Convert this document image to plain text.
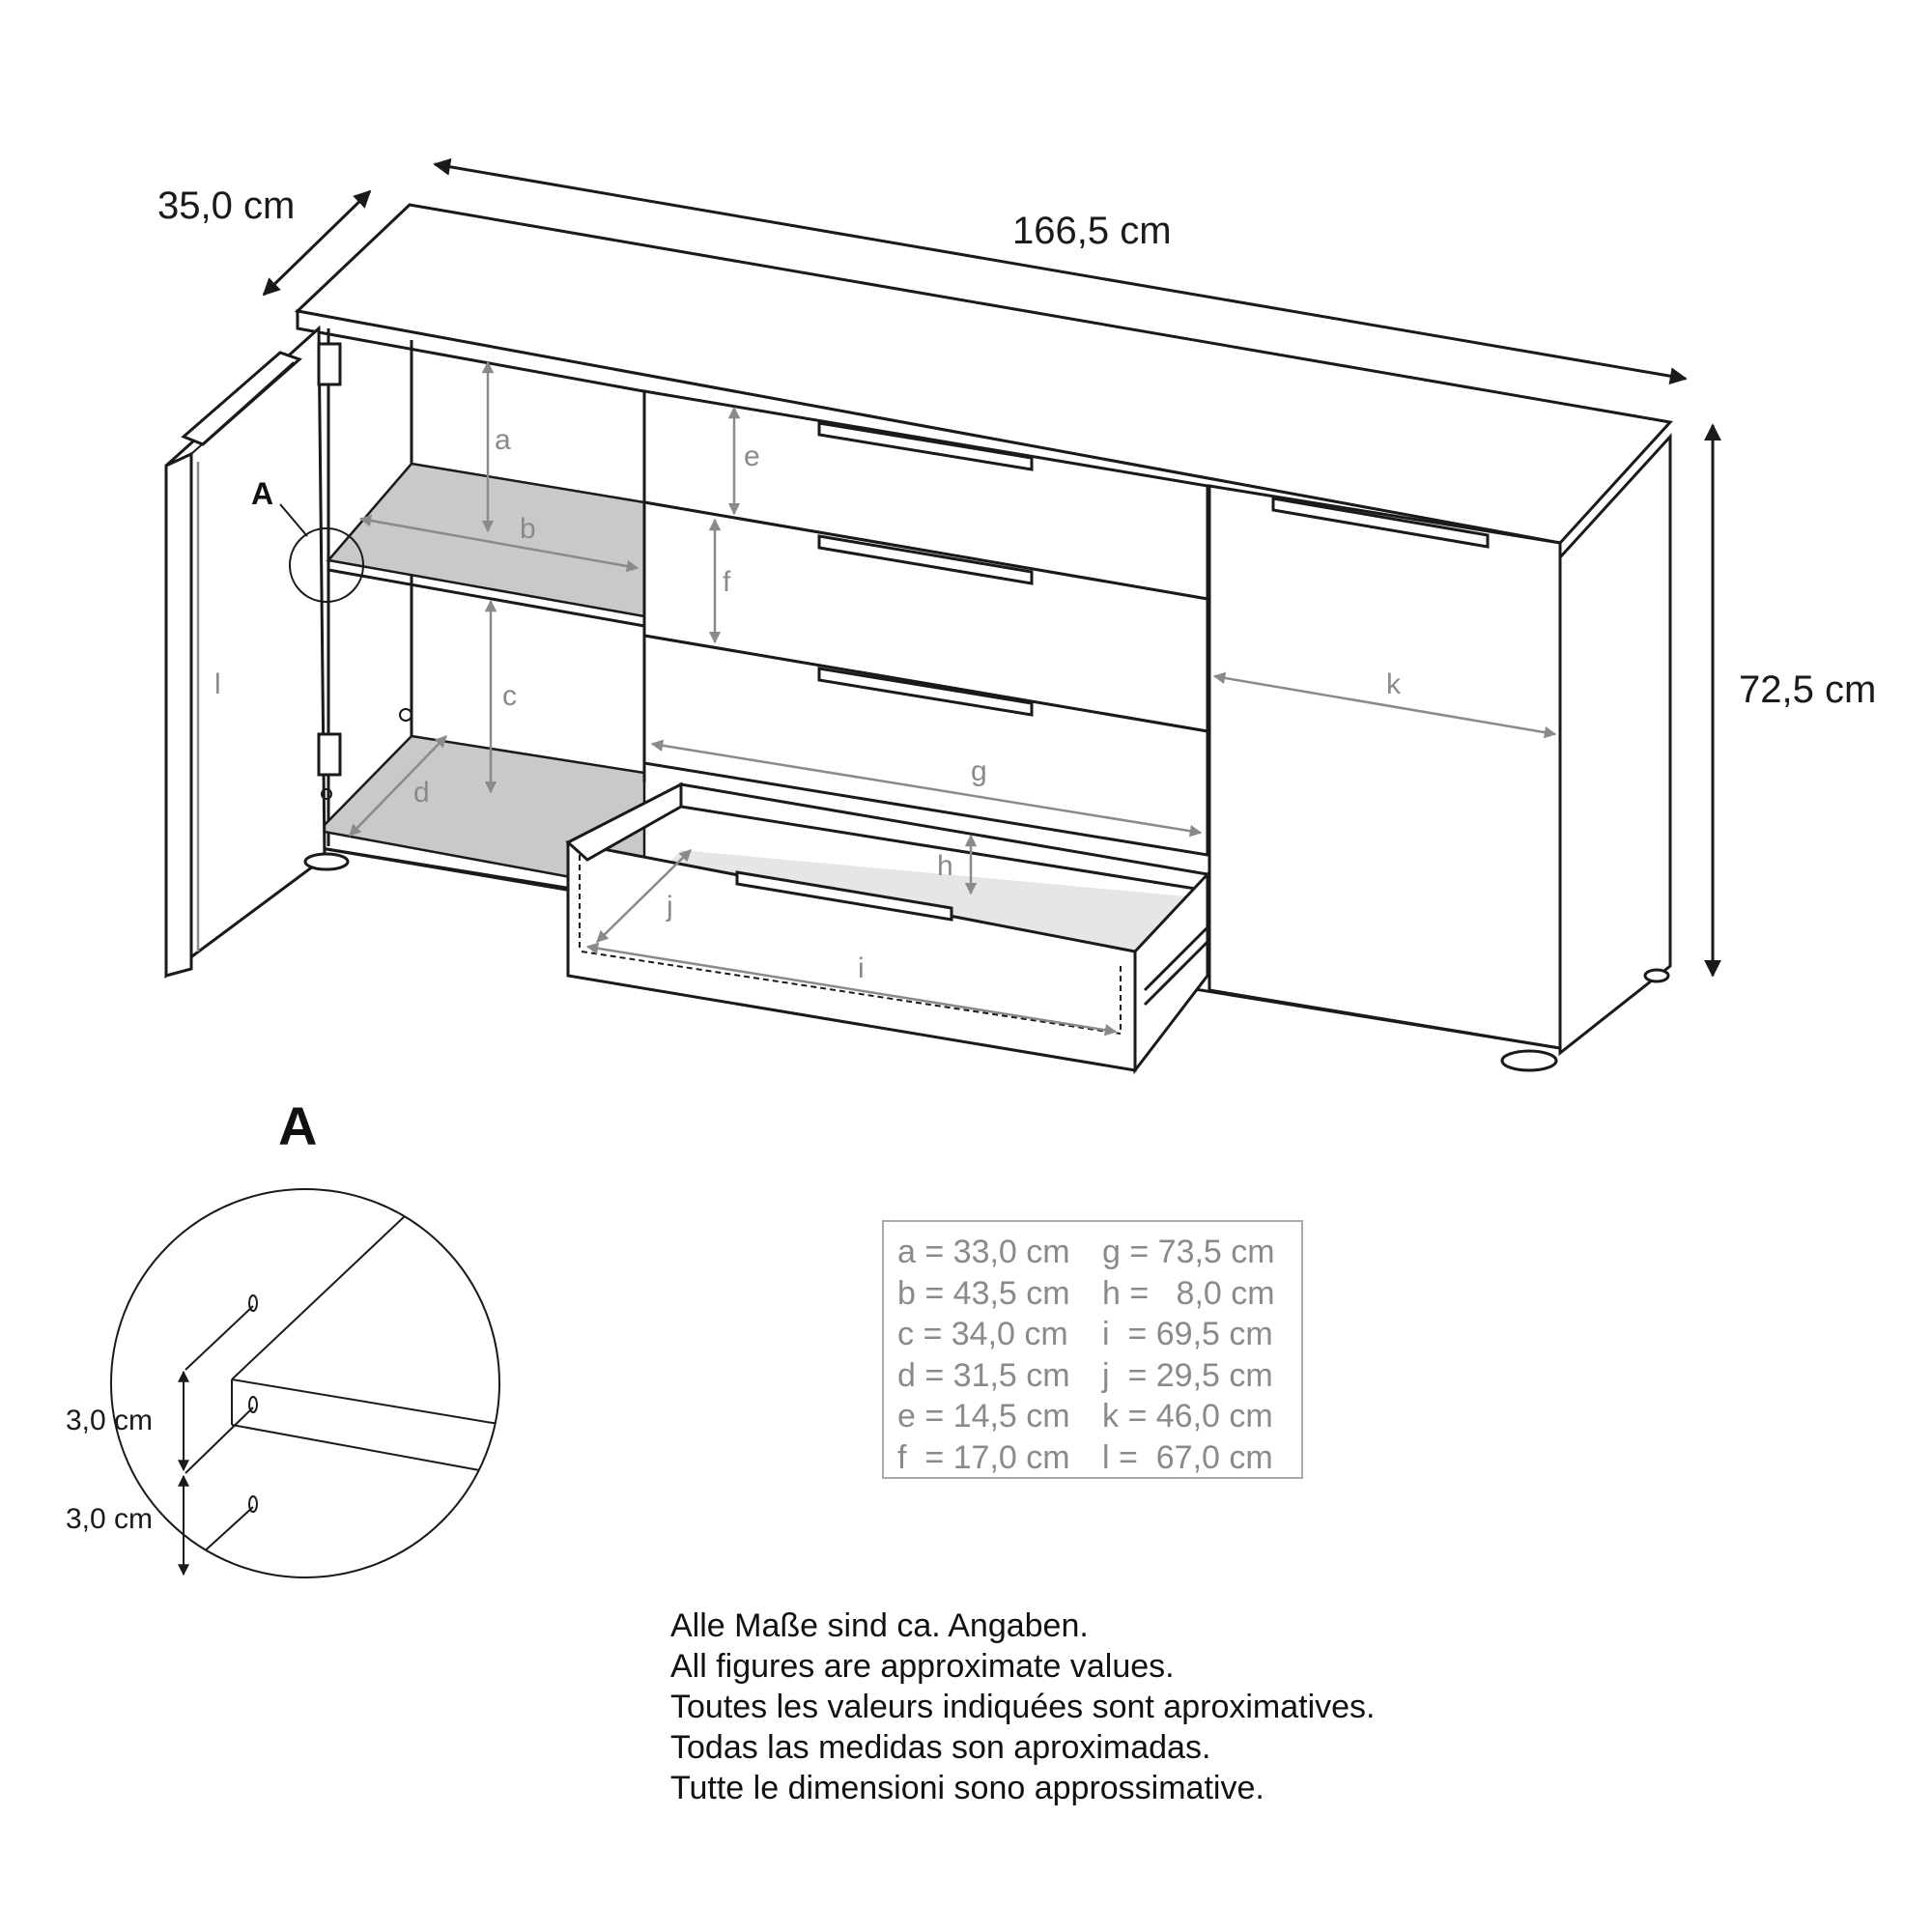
166,5 cm
35,0 cm
72,5 cm
A
a
b
c
d
e
f
g
h
i
j
k
l
A
3,0 cm
3,0 cm
a = 33,0 cm g = 73,5 cm
b = 43,5 cm h =   8,0 cm
c = 34,0 cm	i  = 69,5 cm
d = 31,5 cm j  = 29,5 cm
e = 14,5 cm k = 46,0 cm
f  = 17,0 cm l =  67,0 cm
Alle Maße sind ca. Angaben.
All figures are approximate values.
Toutes les valeurs indiquées sont aproximatives.
Todas las medidas son aproximadas.
Tutte le dimensioni sono approssimative.
